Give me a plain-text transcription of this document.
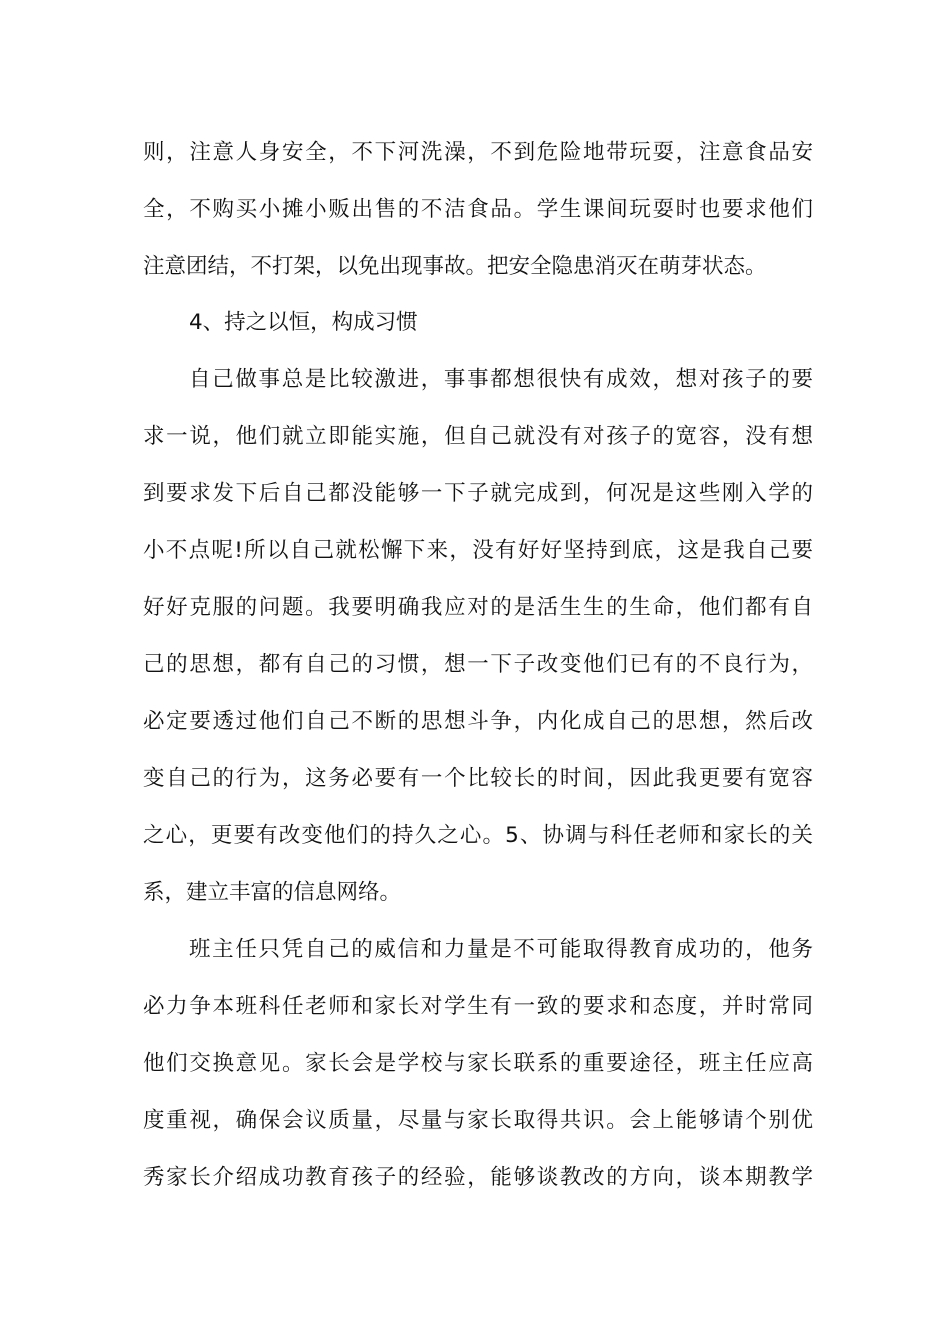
则，注意人身安全，不下河洗澡，不到危险地带玩耍，注意食品安
全，不购买小摊小贩出售的不洁食品。学生课间玩耍时也要求他们
注意团结，不打架，以免出现事故。把安全隐患消灭在萌芽状态。
4、持之以恒，构成习惯
自己做事总是比较激进，事事都想很快有成效，想对孩子的要
求一说，他们就立即能实施，但自己就没有对孩子的宽容，没有想
到要求发下后自己都没能够一下子就完成到，何况是这些刚入学的
小不点呢!所以自己就松懈下来，没有好好坚持到底，这是我自己要
好好克服的问题。我要明确我应对的是活生生的生命，他们都有自
己的思想，都有自己的习惯，想一下子改变他们已有的不良行为，
必定要透过他们自己不断的思想斗争，内化成自己的思想，然后改
变自己的行为，这务必要有一个比较长的时间，因此我更要有宽容
之心，更要有改变他们的持久之心。5、协调与科任老师和家长的关
系，建立丰富的信息网络。
班主任只凭自己的威信和力量是不可能取得教育成功的，他务
必力争本班科任老师和家长对学生有一致的要求和态度，并时常同
他们交换意见。家长会是学校与家长联系的重要途径，班主任应高
度重视，确保会议质量，尽量与家长取得共识。会上能够请个别优
秀家长介绍成功教育孩子的经验，能够谈教改的方向，谈本期教学
